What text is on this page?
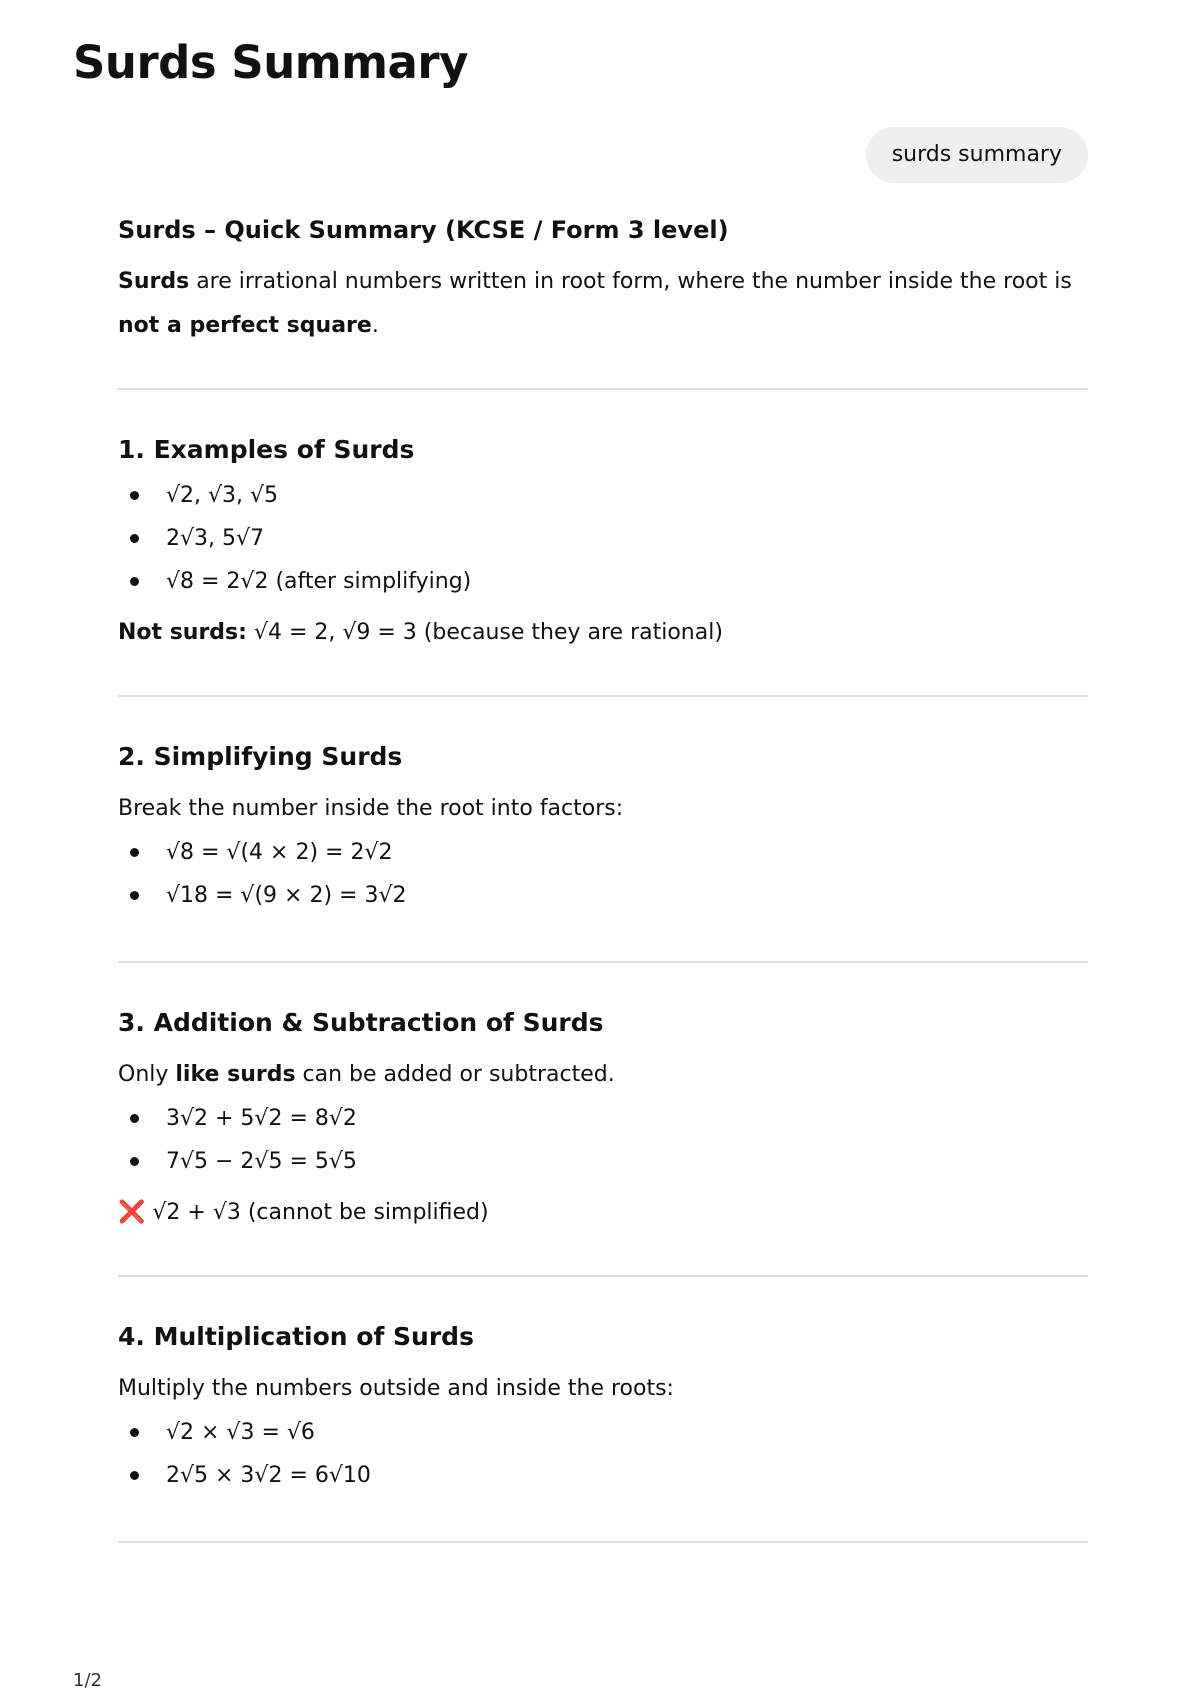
Surds Summary
surds summary
Surds – Quick Summary (KCSE / Form 3 level)

Surds are irrational numbers written in root form, where the number inside the root is not a perfect square.

1. Examples of Surds
√2, √3, √5
2√3, 5√7
√8 = 2√2 (after simplifying)

Not surds: √4 = 2, √9 = 3 (because they are rational)

2. Simplifying Surds

Break the number inside the root into factors:

√8 = √(4 × 2) = 2√2
√18 = √(9 × 2) = 3√2
3. Addition & Subtraction of Surds

Only like surds can be added or subtracted.

3√2 + 5√2 = 8√2
7√5 − 2√5 = 5√5

❌ √2 + √3 (cannot be simplified)

4. Multiplication of Surds

Multiply the numbers outside and inside the roots:

√2 × √3 = √6
2√5 × 3√2 = 6√10
1/2
